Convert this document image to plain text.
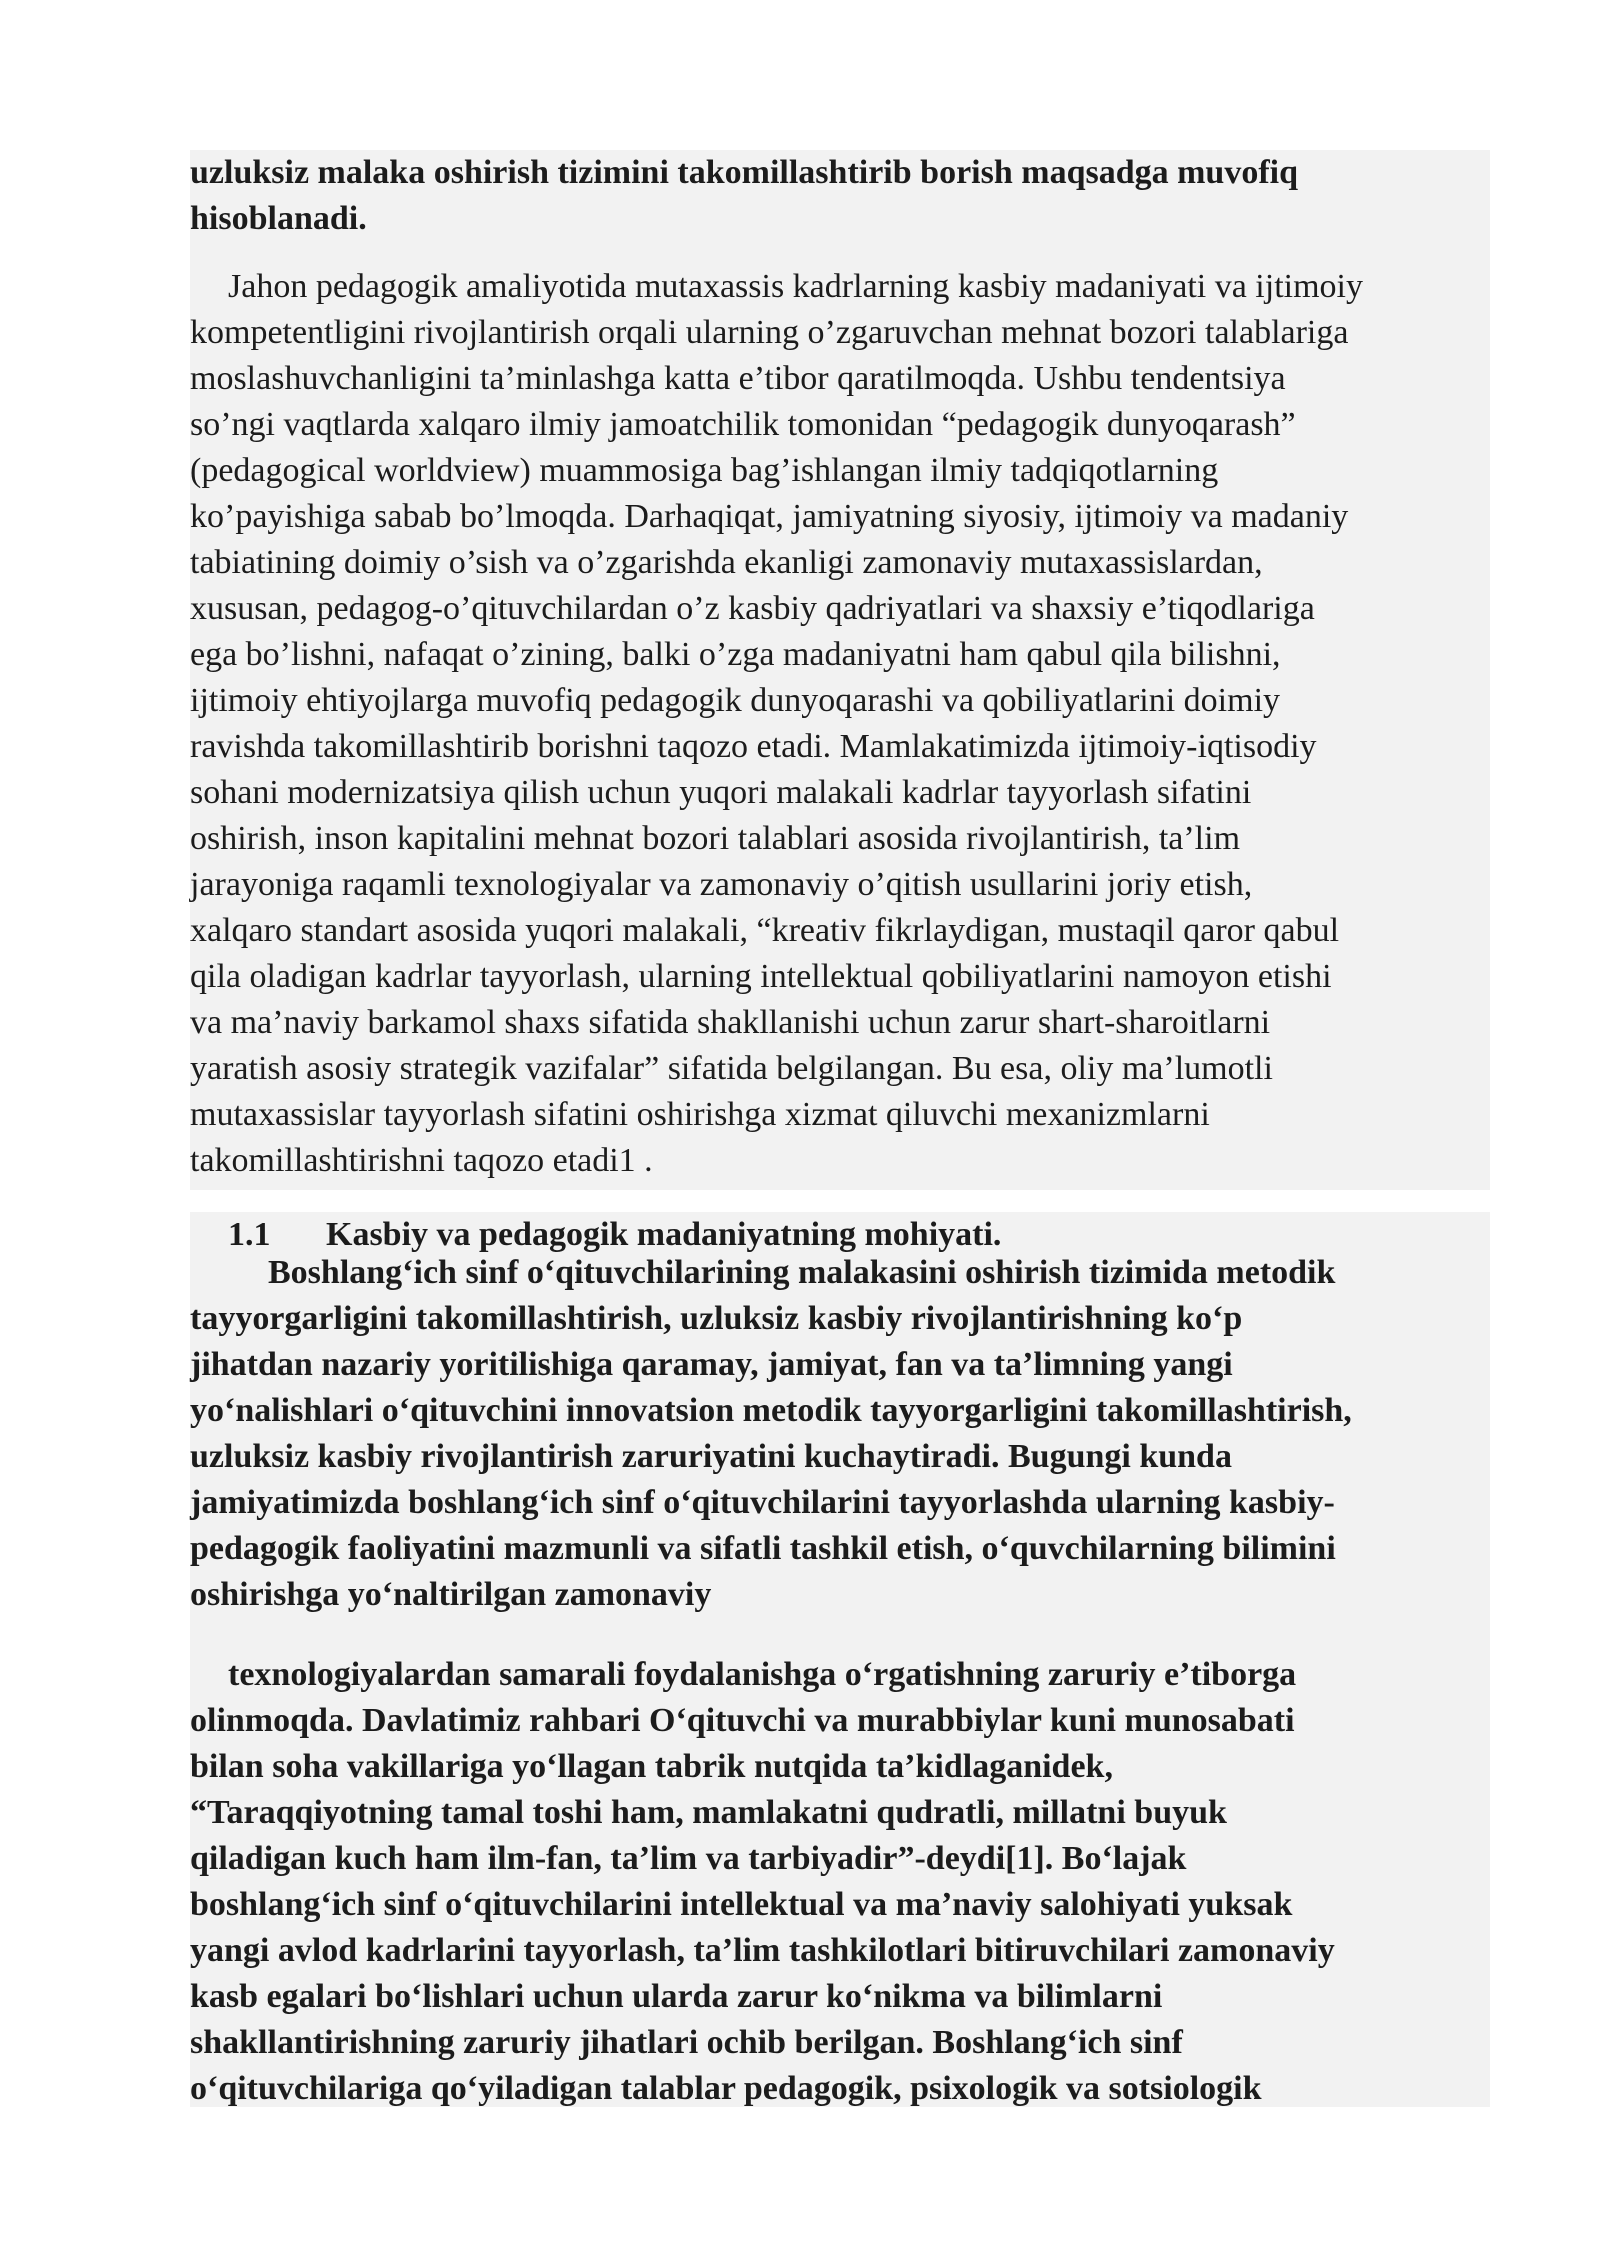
uzluksiz malaka oshirish tizimini takomillashtirib borish maqsadga muvofiq
hisoblanadi.
Jahon pedagogik amaliyotida mutaxassis kadrlarning kasbiy madaniyati va ijtimoiy
kompetentligini rivojlantirish orqali ularning o’zgaruvchan mehnat bozori talablariga
moslashuvchanligini ta’minlashga katta e’tibor qaratilmoqda. Ushbu tendentsiya
so’ngi vaqtlarda xalqaro ilmiy jamoatchilik tomonidan “pedagogik dunyoqarash”
(pedagogical worldview) muammosiga bag’ishlangan ilmiy tadqiqotlarning
ko’payishiga sabab bo’lmoqda. Darhaqiqat, jamiyatning siyosiy, ijtimoiy va madaniy
tabiatining doimiy o’sish va o’zgarishda ekanligi zamonaviy mutaxassislardan,
xususan, pedagog-o’qituvchilardan o’z kasbiy qadriyatlari va shaxsiy e’tiqodlariga
ega bo’lishni, nafaqat o’zining, balki o’zga madaniyatni ham qabul qila bilishni,
ijtimoiy ehtiyojlarga muvofiq pedagogik dunyoqarashi va qobiliyatlarini doimiy
ravishda takomillashtirib borishni taqozo etadi. Mamlakatimizda ijtimoiy-iqtisodiy
sohani modernizatsiya qilish uchun yuqori malakali kadrlar tayyorlash sifatini
oshirish, inson kapitalini mehnat bozori talablari asosida rivojlantirish, ta’lim
jarayoniga raqamli texnologiyalar va zamonaviy o’qitish usullarini joriy etish,
xalqaro standart asosida yuqori malakali, “kreativ fikrlaydigan, mustaqil qaror qabul
qila oladigan kadrlar tayyorlash, ularning intellektual qobiliyatlarini namoyon etishi
va ma’naviy barkamol shaxs sifatida shakllanishi uchun zarur shart-sharoitlarni
yaratish asosiy strategik vazifalar” sifatida belgilangan. Bu esa, oliy ma’lumotli
mutaxassislar tayyorlash sifatini oshirishga xizmat qiluvchi mexanizmlarni
takomillashtirishni taqozo etadi1 .
1.1 Kasbiy va pedagogik madaniyatning mohiyati.
Boshlang‘ich sinf o‘qituvchilarining malakasini oshirish tizimida metodik
tayyorgarligini takomillashtirish, uzluksiz kasbiy rivojlantirishning ko‘p
jihatdan nazariy yoritilishiga qaramay, jamiyat, fan va ta’limning yangi
yo‘nalishlari o‘qituvchini innovatsion metodik tayyorgarligini takomillashtirish,
uzluksiz kasbiy rivojlantirish zaruriyatini kuchaytiradi. Bugungi kunda
jamiyatimizda boshlang‘ich sinf o‘qituvchilarini tayyorlashda ularning kasbiy-
pedagogik faoliyatini mazmunli va sifatli tashkil etish, o‘quvchilarning bilimini
oshirishga yo‘naltirilgan zamonaviy
texnologiyalardan samarali foydalanishga o‘rgatishning zaruriy e’tiborga
olinmoqda. Davlatimiz rahbari O‘qituvchi va murabbiylar kuni munosabati
bilan soha vakillariga yo‘llagan tabrik nutqida ta’kidlaganidek,
“Taraqqiyotning tamal toshi ham, mamlakatni qudratli, millatni buyuk
qiladigan kuch ham ilm-fan, ta’lim va tarbiyadir”-deydi[1]. Bo‘lajak
boshlang‘ich sinf o‘qituvchilarini intellektual va ma’naviy salohiyati yuksak
yangi avlod kadrlarini tayyorlash, ta’lim tashkilotlari bitiruvchilari zamonaviy
kasb egalari bo‘lishlari uchun ularda zarur ko‘nikma va bilimlarni
shakllantirishning zaruriy jihatlari ochib berilgan. Boshlang‘ich sinf
o‘qituvchilariga qo‘yiladigan talablar pedagogik, psixologik va sotsiologik
